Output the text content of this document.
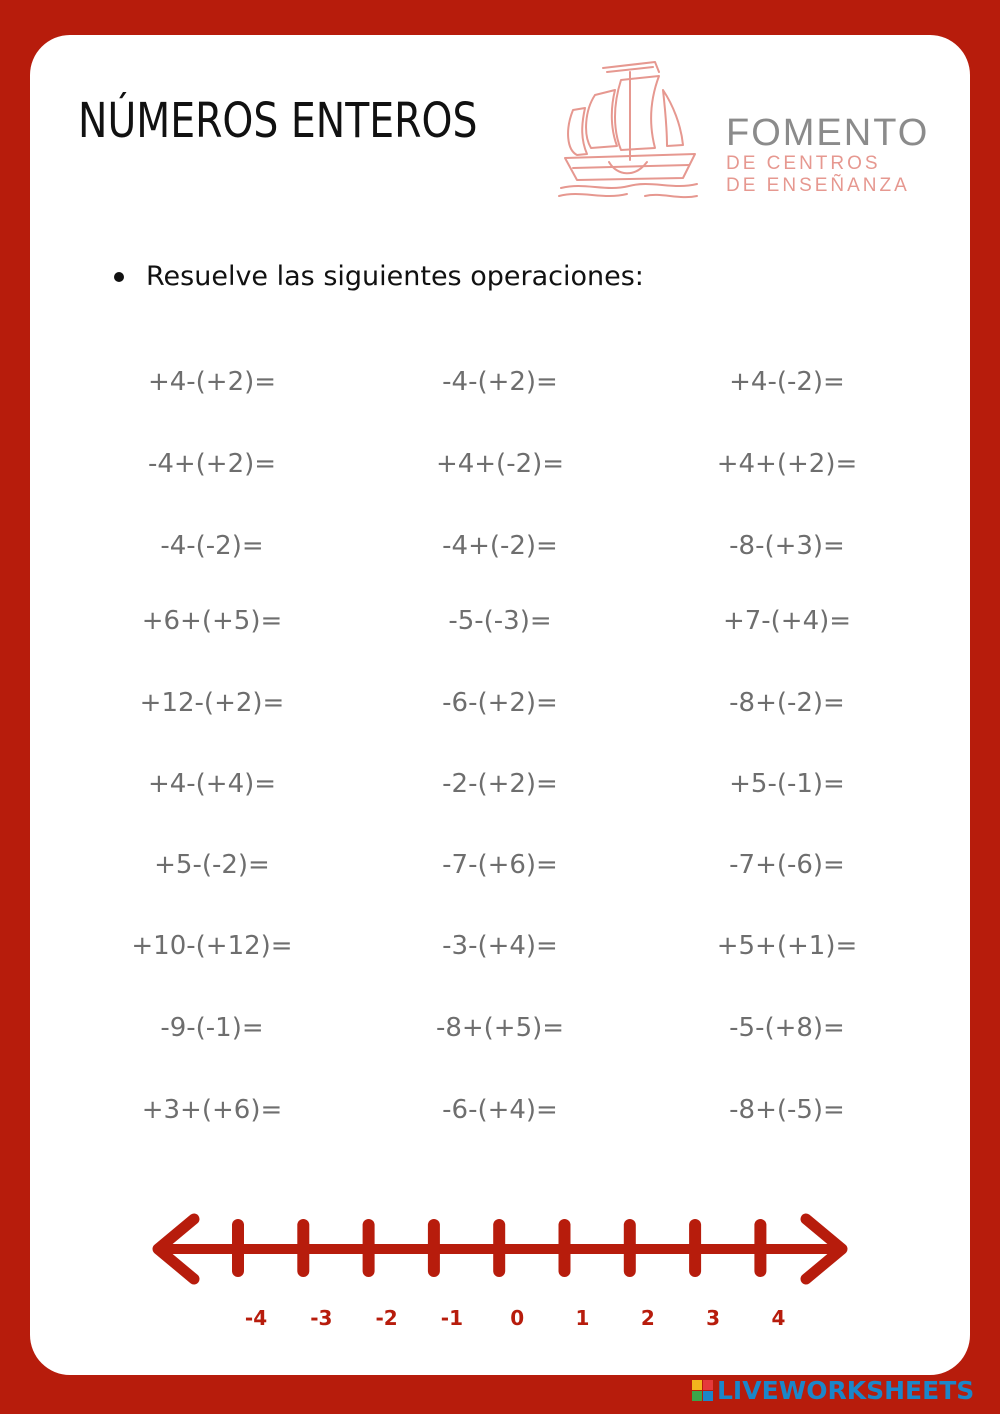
NÚMEROS ENTEROS	FOMENTO
DE CENTROS
DE ENSEÑANZA
Resuelve las siguientes operaciones:
+4-(+2)=	-4-(+2)=	+4-(-2)=
-4+(+2)=	+4+(-2)=	+4+(+2)=
-4-(-2)=	-4+(-2)=	-8-(+3)=
+6+(+5)=	-5-(-3)=	+7-(+4)=
+12-(+2)=	-6-(+2)=	-8+(-2)=
+4-(+4)=	-2-(+2)=	+5-(-1)=
+5-(-2)=	-7-(+6)=	-7+(-6)=
+10-(+12)=	-3-(+4)=	+5+(+1)=
-9-(-1)=	-8+(+5)=	-5-(+8)=
+3+(+6)=	-6-(+4)=	-8+(-5)=
-4 -3 -2 -1 0	1	2	3	4
LIVEWORKSHEETS
